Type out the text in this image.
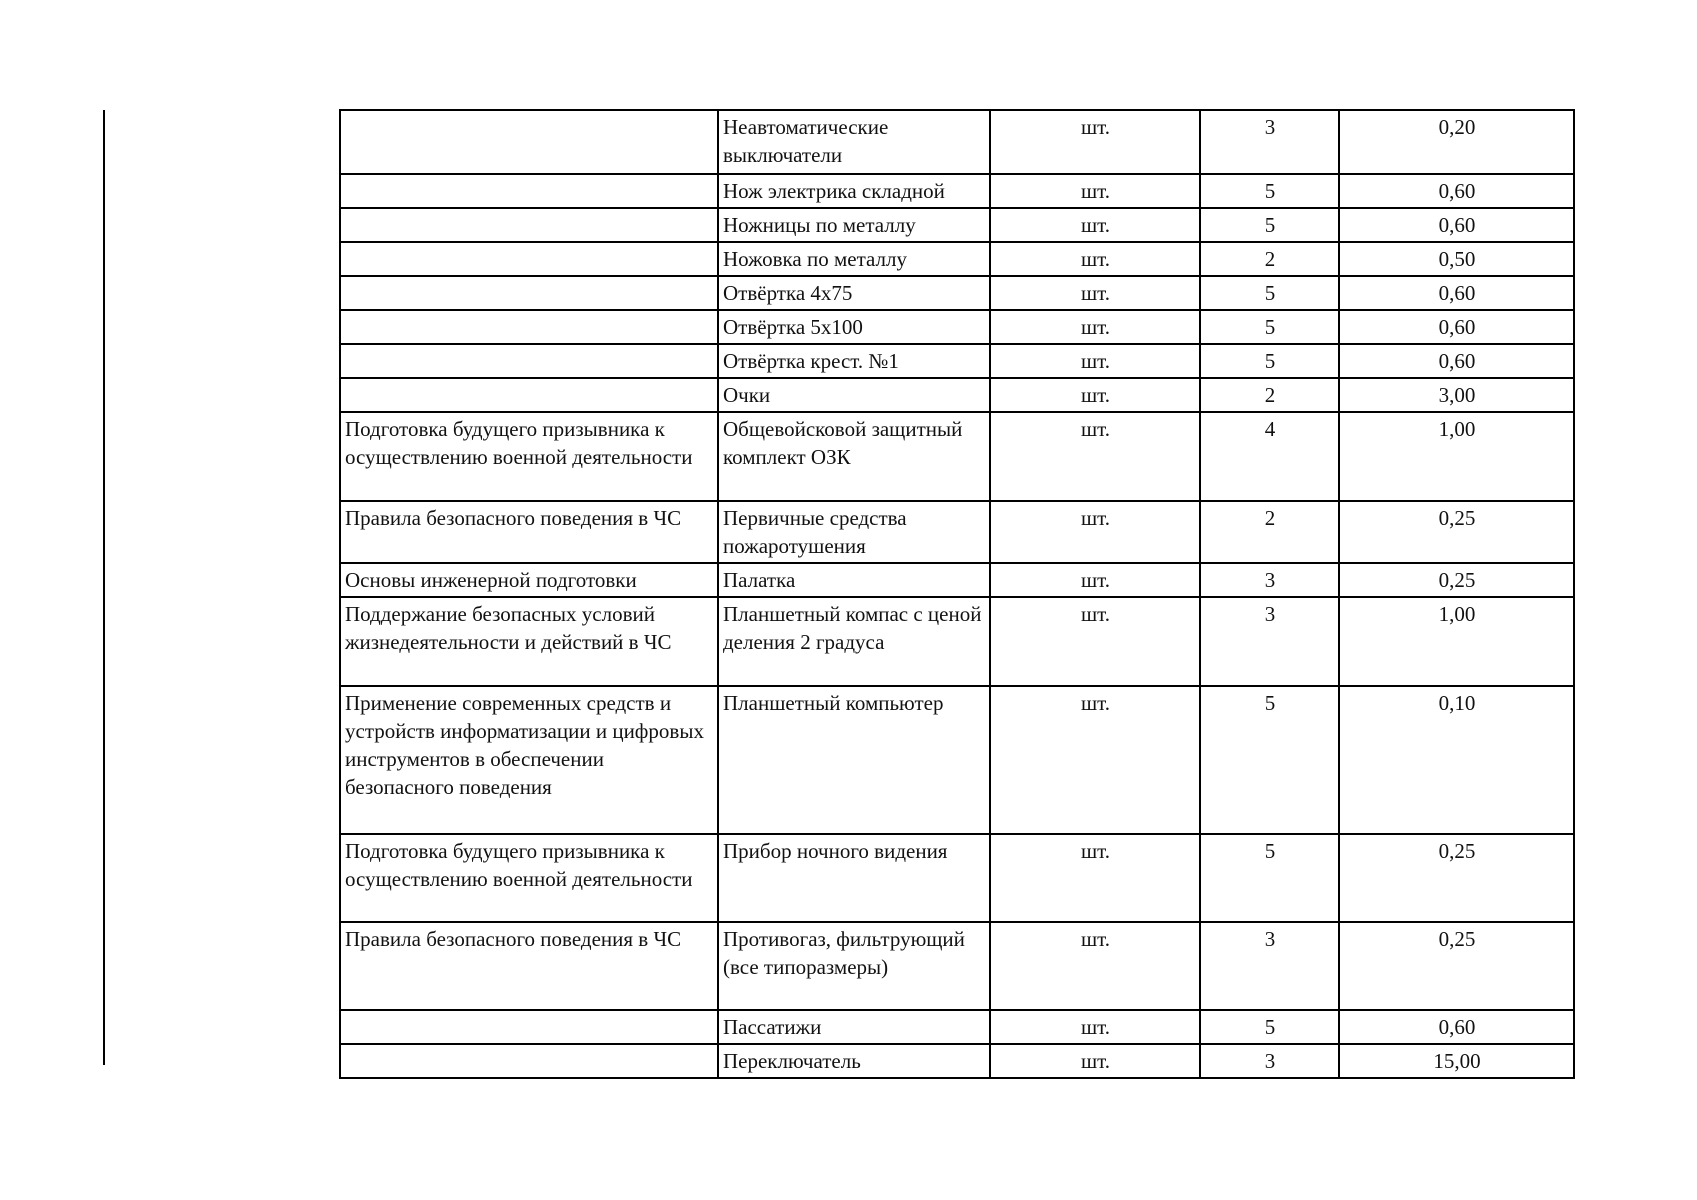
	Неавтоматические выключатели	шт.	3	0,20
	Нож электрика складной	шт.	5	0,60
	Ножницы по металлу	шт.	5	0,60
	Ножовка по металлу	шт.	2	0,50
	Отвёртка 4х75	шт.	5	0,60
	Отвёртка 5х100	шт.	5	0,60
	Отвёртка крест. №1	шт.	5	0,60
	Очки	шт.	2	3,00
Подготовка будущего призывника к осуществлению военной деятельности	Общевойсковой защитный комплект ОЗК	шт.	4	1,00
Правила безопасного поведения в ЧС	Первичные средства пожаротушения	шт.	2	0,25
Основы инженерной подготовки	Палатка	шт.	3	0,25
Поддержание безопасных условий жизнедеятельности и действий в ЧС	Планшетный компас с ценой деления 2 градуса	шт.	3	1,00
Применение современных средств и устройств информатизации и цифровых инструментов в обеспечении безопасного поведения	Планшетный компьютер	шт.	5	0,10
Подготовка будущего призывника к осуществлению военной деятельности	Прибор ночного видения	шт.	5	0,25
Правила безопасного поведения в ЧС	Противогаз, фильтрующий (все типоразмеры)	шт.	3	0,25
	Пассатижи	шт.	5	0,60
	Переключатель	шт.	3	15,00
